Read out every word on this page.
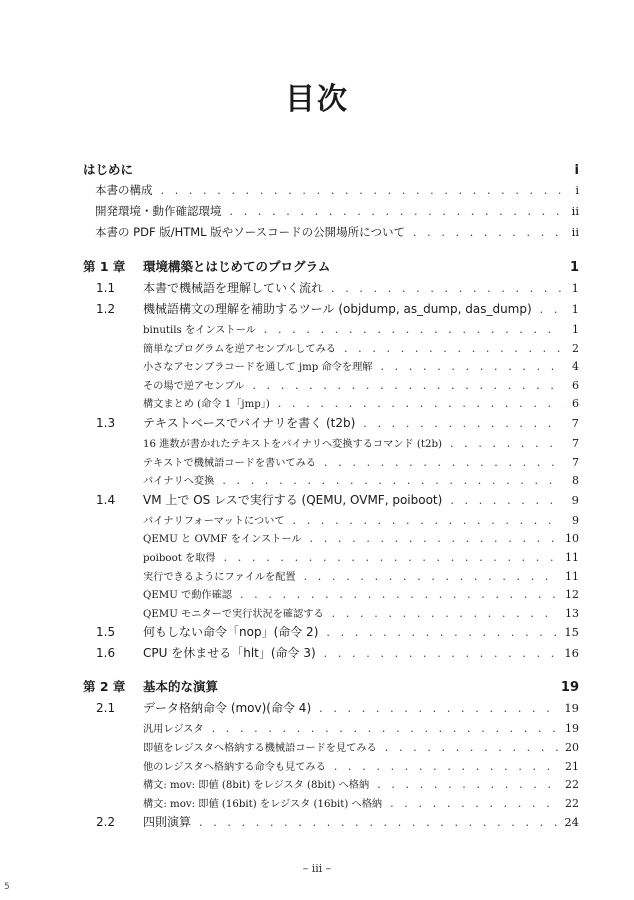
目次
はじめに	i
本書の構成 . . .	i
開発環境・動作確認環境 . . .	ii
本書の PDF 版/HTML 版やソースコードの公開場所について . . .	ii
第 1 章	環境構築とはじめてのプログラム	1
1.1	本書で機械語を理解していく流れ . . .	1
1.2	機械語構文の理解を補助するツール (objdump, as_dump, das_dump) . . .	1
binutils をインストール . . .	1
簡単なプログラムを逆アセンブルしてみる . . .	2
小さなアセンブラコードを通して jmp 命令を理解 . . .	4
その場で逆アセンブル . . .	6
構文まとめ (命令 1「jmp」) . . .	6
1.3	テキストベースでバイナリを書く (t2b) . . .	7
16 進数が書かれたテキストをバイナリへ変換するコマンド (t2b) . . .	7
テキストで機械語コードを書いてみる . . .	7
バイナリへ変換 . . .	8
1.4	VM 上で OS レスで実行する (QEMU, OVMF, poiboot) . . .	9
バイナリフォーマットについて . . .	9
QEMU と OVMF をインストール . . .	10
poiboot を取得 . . .	11
実行できるようにファイルを配置 . . .	11
QEMU で動作確認 . . .	12
QEMU モニターで実行状況を確認する . . .	13
1.5	何もしない命令「nop」(命令 2) . . .	15
1.6	CPU を休ませる「hlt」(命令 3) . . .	16
第 2 章	基本的な演算	19
2.1	データ格納命令 (mov)(命令 4) . . .	19
汎用レジスタ . . .	19
即値をレジスタへ格納する機械語コードを見てみる . . .	20
他のレジスタへ格納する命令も見てみる . . .	21
構文: mov: 即値 (8bit) をレジスタ (8bit) へ格納 . . .	22
構文: mov: 即値 (16bit) をレジスタ (16bit) へ格納 . . .	22
2.2	四則演算 . . .	24
– iii –
5
